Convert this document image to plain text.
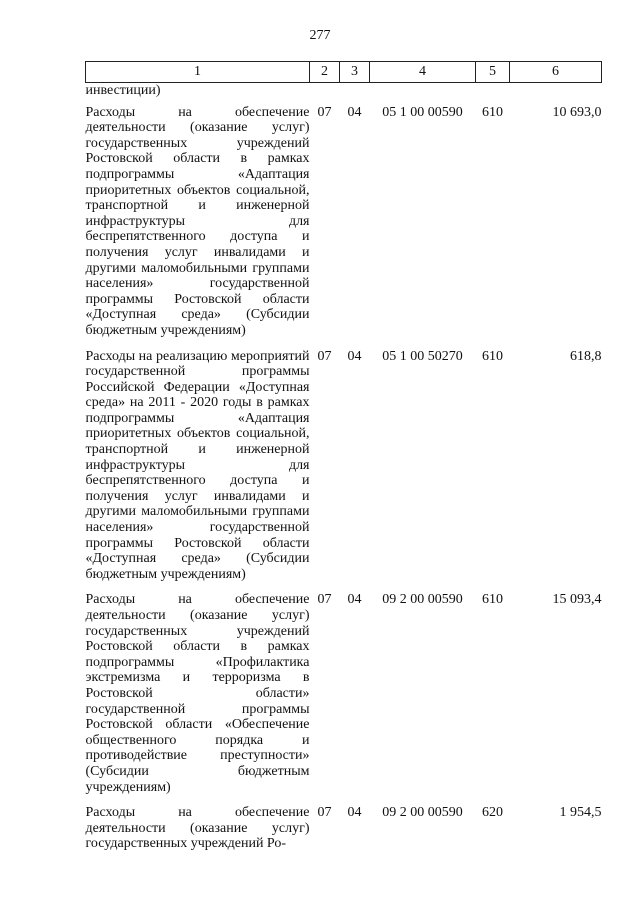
277
1	2	3	4	5	6
инвестиции)					
Расходы на обеспечение деятельности (оказание услуг) государственных учреждений Ростовской области в рамках подпрограммы «Адаптация приоритетных объектов социальной, транспортной и инженерной инфраструктуры для беспрепятственного доступа и получения услуг инвалидами и другими маломобильными группами населения» государственной программы Ростовской области «Доступная среда» (Субсидии бюджетным учреждениям)	07	04	05 1 00 00590	610	10 693,0
Расходы на реализацию мероприятий государственной программы Российской Федерации «Доступная среда» на 2011 - 2020 годы в рамках подпрограммы «Адаптация приоритетных объектов социальной, транспортной и инженерной инфраструктуры для беспрепятственного доступа и получения услуг инвалидами и другими маломобильными группами населения» государственной программы Ростовской области «Доступная среда» (Субсидии бюджетным учреждениям)	07	04	05 1 00 50270	610	618,8
Расходы на обеспечение деятельности (оказание услуг) государственных учреждений Ростовской области в рамках подпрограммы «Профилактика экстремизма и терроризма в Ростовской области» государственной программы Ростовской области «Обеспечение общественного порядка и противодействие преступности» (Субсидии бюджетным учреждениям)	07	04	09 2 00 00590	610	15 093,4
Расходы на обеспечение деятельности (оказание услуг) государственных учреждений Ро-	07	04	09 2 00 00590	620	1 954,5
